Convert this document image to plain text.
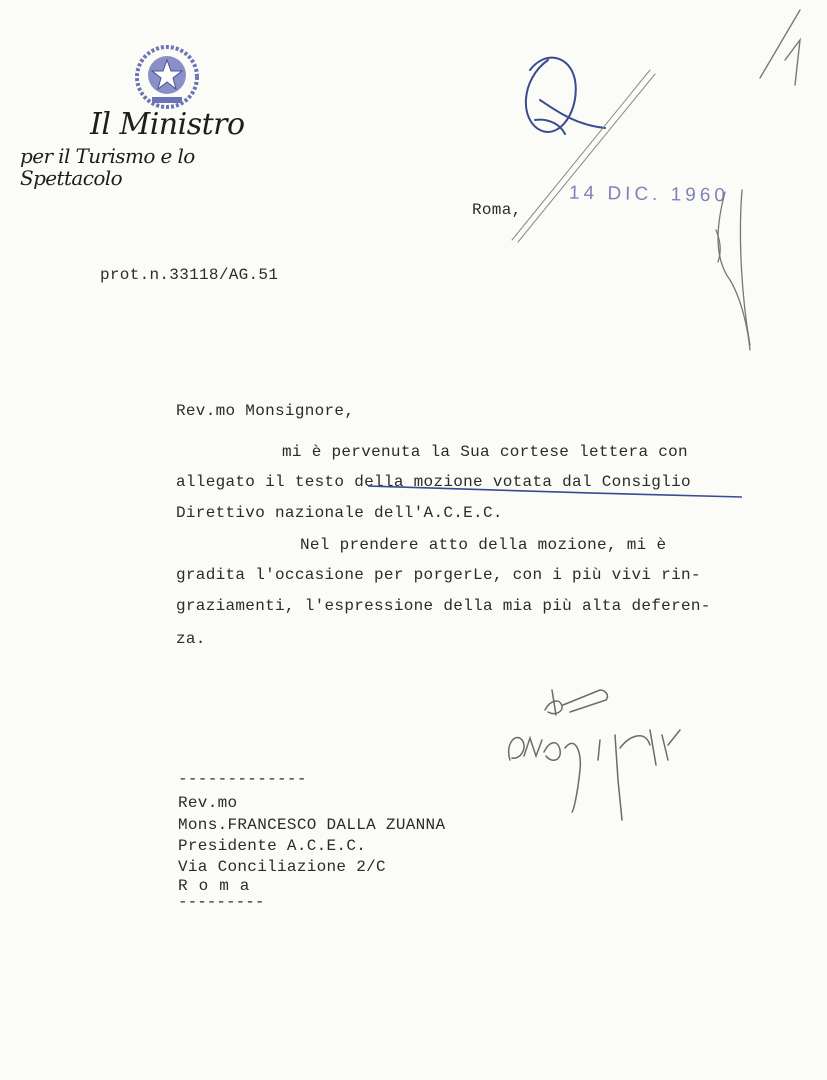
Il Ministro
per il Turismo e lo Spettacolo
Roma,
14 DIC. 1960
prot.n.33118/AG.51
Rev.mo Monsignore,
mi è pervenuta la Sua cortese lettera con
allegato il testo della mozione votata dal Consiglio
Direttivo nazionale dell'A.C.E.C.
Nel prendere atto della mozione, mi è
gradita l'occasione per porgerLe, con i più vivi rin-
graziamenti, l'espressione della mia più alta deferen-
za.
-------------
Rev.mo
Mons.FRANCESCO DALLA ZUANNA
Presidente A.C.E.C.
Via Conciliazione 2/C
Roma
---------
